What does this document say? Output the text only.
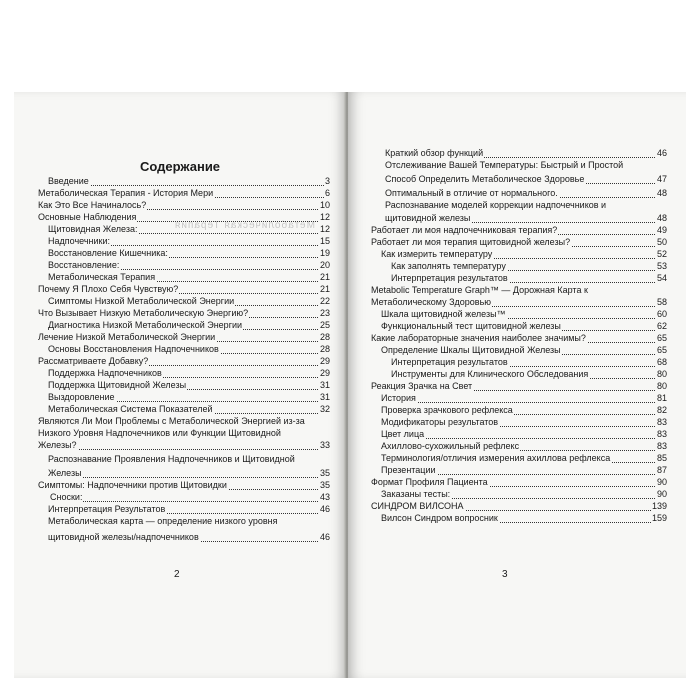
Метаболическая Терапия
Содержание
Введение	3
Метаболическая Терапия - История Мери	6
Как Это Все Начиналось?	10
Основные Наблюдения	12
Щитовидная Железа:	12
Надпочечники:	15
Восстановление Кишечника:	19
Восстановление:	20
Метаболическая Терапия	21
Почему Я Плохо Себя Чувствую?	21
Симптомы Низкой Метаболической Энергии	22
Что Вызывает Низкую Метаболическую Энергию?	23
Диагностика Низкой Метаболической Энергии	25
Лечение Низкой Метаболической Энергии	28
Основы Восстановления Надпочечников	28
Рассматриваете Добавку?	29
Поддержка Надпочечников	29
Поддержка Щитовидной Железы	31
Выздоровление	31
Метаболическая Система Показателей	32
Являются Ли Мои Проблемы с Метаболической Энергией из-за
Низкого Уровня Надпочечников или Функции Щитовидной
Железы?	33
Распознавание Проявления Надпочечников и Щитовидной
Железы	35
Симптомы: Надпочечники против Щитовидки	35
Сноски:	43
Интерпретация Результатов	46
Метаболическая карта — определение низкого уровня
щитовидной железы/надпочечников	46
2
Краткий обзор функций	46
Отслеживание Вашей Температуры: Быстрый и Простой
Способ Определить Метаболическое Здоровье	47
Оптимальный в отличие от нормального.	48
Распознавание моделей коррекции надпочечников и
щитовидной железы	48
Работает ли моя надпочечниковая терапия?	49
Работает ли моя терапия щитовидной железы?	50
Как измерить температуру	52
Как заполнять температуру	53
Интерпретация результатов	54
Metabolic Temperature Graph™ — Дорожная Карта к
Метаболическому Здоровью	58
Шкала щитовидной железы™	60
Функциональный тест щитовидной железы	62
Какие лабораторные значения наиболее значимы?	65
Определение Шкалы Щитовидной Железы	65
Интерпретация результатов	68
Инструменты для Клинического Обследования	80
Реакция Зрачка на Свет	80
История	81
Проверка зрачкового рефлекса	82
Модификаторы результатов	83
Цвет лица	83
Ахиллово-сухожильный рефлекс	83
Терминология/отличия измерения ахиллова рефлекса	85
Презентации	87
Формат Профиля Пациента	90
Заказаны тесты:	90
СИНДРОМ ВИЛСОНА	139
Вилсон Синдром вопросник	159
3
